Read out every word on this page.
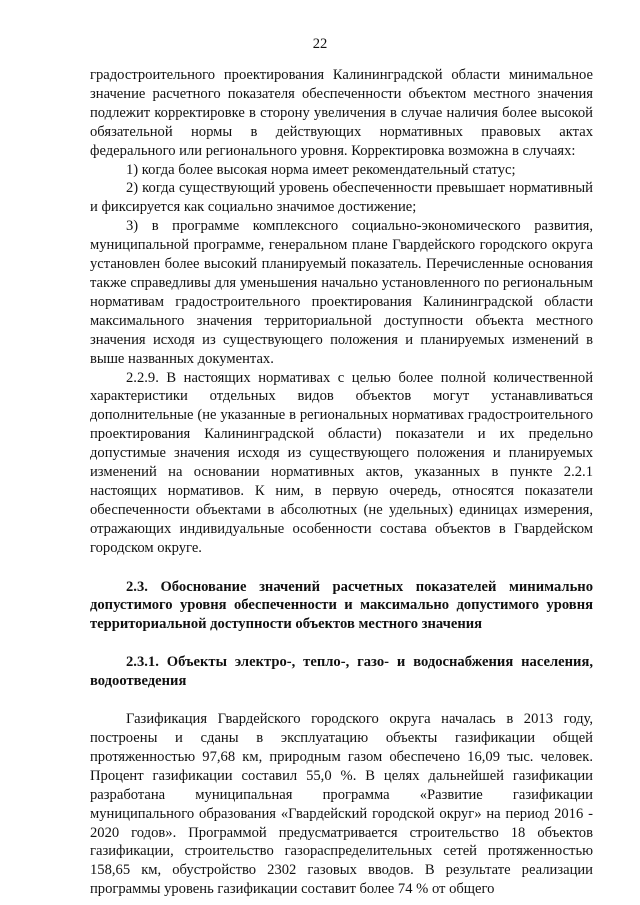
22

градостроительного проектирования Калининградской области минимальное значение расчетного показателя обеспеченности объектом местного значения подлежит корректировке в сторону увеличения в случае наличия более высокой обязательной нормы в действующих нормативных правовых актах федерального или регионального уровня. Корректировка возможна в случаях:

1) когда более высокая норма имеет рекомендательный статус;

2) когда существующий уровень обеспеченности превышает нормативный и фиксируется как социально значимое достижение;

3) в программе комплексного социально-экономического развития, муниципальной программе, генеральном плане Гвардейского городского округа установлен более высокий планируемый показатель. Перечисленные основания также справедливы для уменьшения начально установленного по региональным нормативам градостроительного проектирования Калининградской области максимального значения территориальной доступности объекта местного значения исходя из существующего положения и планируемых изменений в выше названных документах.

2.2.9. В настоящих нормативах с целью более полной количественной характеристики отдельных видов объектов могут устанавливаться дополнительные (не указанные в региональных нормативах градостроительного проектирования Калининградской области) показатели и их предельно допустимые значения исходя из существующего положения и планируемых изменений на основании нормативных актов, указанных в пункте 2.2.1 настоящих нормативов. К ним, в первую очередь, относятся показатели обеспеченности объектами в абсолютных (не удельных) единицах измерения, отражающих индивидуальные особенности состава объектов в Гвардейском городском округе.

2.3. Обоснование значений расчетных показателей минимально допустимого уровня обеспеченности и максимально допустимого уровня территориальной доступности объектов местного значения

2.3.1. Объекты электро-, тепло-, газо- и водоснабжения населения, водоотведения

Газификация Гвардейского городского округа началась в 2013 году, построены и сданы в эксплуатацию объекты газификации общей протяженностью 97,68 км, природным газом обеспечено 16,09 тыс. человек. Процент газификации составил 55,0 %. В целях дальнейшей газификации разработана муниципальная программа «Развитие газификации муниципального образования «Гвардейский городской округ» на период 2016 - 2020 годов». Программой предусматривается строительство 18 объектов газификации, строительство газораспределительных сетей протяженностью 158,65 км, обустройство 2302 газовых вводов. В результате реализации программы уровень газификации составит более 74 % от общего
